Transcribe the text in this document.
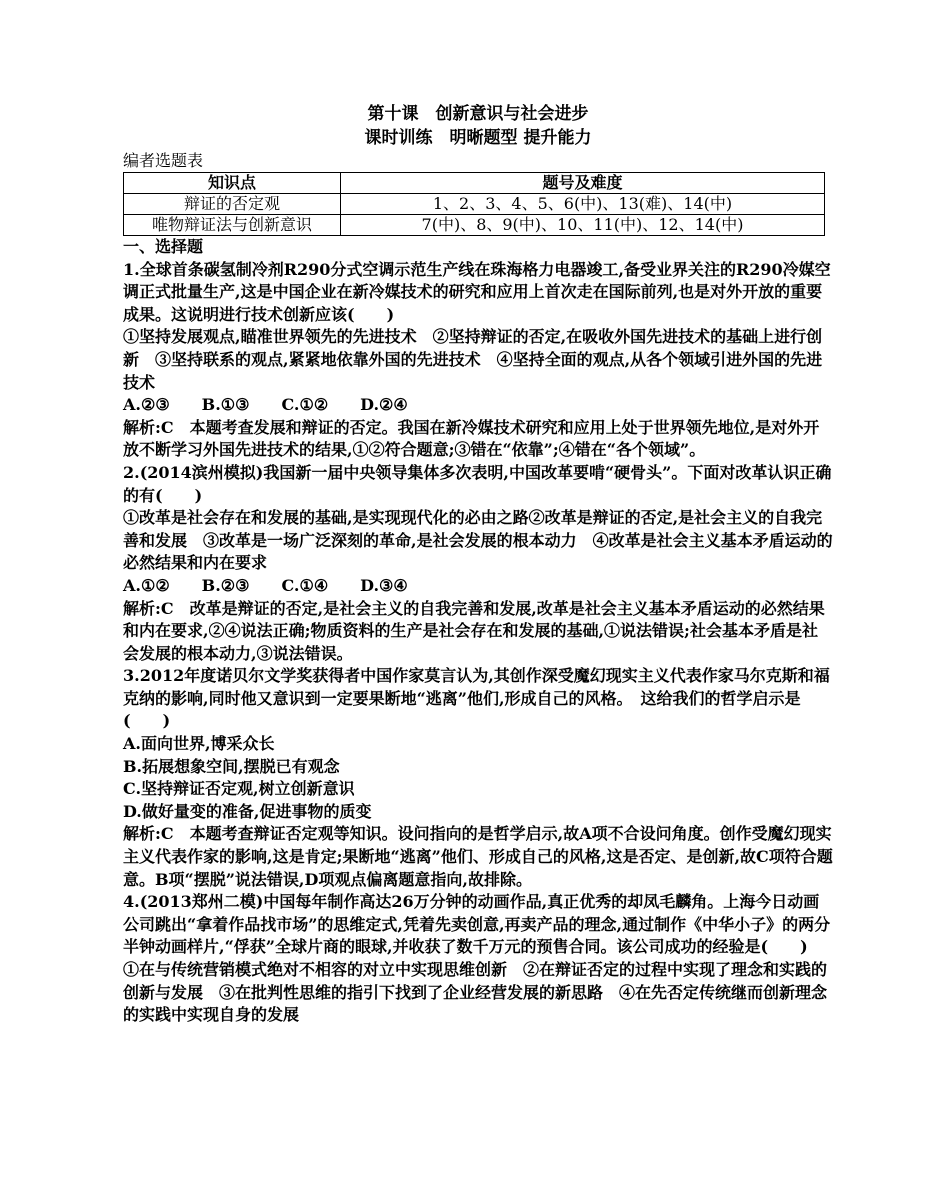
第十课　创新意识与社会进步
课时训练　明晰题型 提升能力
编者选题表
知识点	题号及难度
辩证的否定观	1、2、3、4、5、6(中)、13(难)、14(中)
唯物辩证法与创新意识	7(中)、8、9(中)、10、11(中)、12、14(中)

一、选择题

1.全球首条碳氢制冷剂R290分式空调示范生产线在珠海格力电器竣工,备受业界关注的R290冷媒空调正式批量生产,这是中国企业在新冷媒技术的研究和应用上首次走在国际前列,也是对外开放的重要成果。这说明进行技术创新应该(　　)

①坚持发展观点,瞄准世界领先的先进技术　②坚持辩证的否定,在吸收外国先进技术的基础上进行创新　③坚持联系的观点,紧紧地依靠外国的先进技术　④坚持全面的观点,从各个领域引进外国的先进技术

A.②③　　B.①③　　C.①②　　D.②④

解析:C　本题考查发展和辩证的否定。我国在新冷媒技术研究和应用上处于世界领先地位,是对外开放不断学习外国先进技术的结果,①②符合题意;③错在“依靠”;④错在“各个领域”。

2.(2014滨州模拟)我国新一届中央领导集体多次表明,中国改革要啃“硬骨头”。下面对改革认识正确的有(　　)

①改革是社会存在和发展的基础,是实现现代化的必由之路②改革是辩证的否定,是社会主义的自我完善和发展　③改革是一场广泛深刻的革命,是社会发展的根本动力　④改革是社会主义基本矛盾运动的必然结果和内在要求

A.①②　　B.②③　　C.①④　　D.③④

解析:C　改革是辩证的否定,是社会主义的自我完善和发展,改革是社会主义基本矛盾运动的必然结果和内在要求,②④说法正确;物质资料的生产是社会存在和发展的基础,①说法错误;社会基本矛盾是社会发展的根本动力,③说法错误。

3.2012年度诺贝尔文学奖获得者中国作家莫言认为,其创作深受魔幻现实主义代表作家马尔克斯和福克纳的影响,同时他又意识到一定要果断地“逃离”他们,形成自己的风格。　这给我们的哲学启示是(　　)

A.面向世界,博采众长

B.拓展想象空间,摆脱已有观念

C.坚持辩证否定观,树立创新意识

D.做好量变的准备,促进事物的质变

解析:C　本题考查辩证否定观等知识。设问指向的是哲学启示,故A项不合设问角度。创作受魔幻现实主义代表作家的影响,这是肯定;果断地“逃离”他们、形成自己的风格,这是否定、是创新,故C项符合题意。B项“摆脱”说法错误,D项观点偏离题意指向,故排除。

4.(2013郑州二模)中国每年制作高达26万分钟的动画作品,真正优秀的却凤毛麟角。上海今日动画公司跳出“拿着作品找市场”的思维定式,凭着先卖创意,再卖产品的理念,通过制作《中华小子》的两分半钟动画样片,“俘获”全球片商的眼球,并收获了数千万元的预售合同。该公司成功的经验是(　　)

①在与传统营销模式绝对不相容的对立中实现思维创新　②在辩证否定的过程中实现了理念和实践的创新与发展　③在批判性思维的指引下找到了企业经营发展的新思路　④在先否定传统继而创新理念的实践中实现自身的发展
